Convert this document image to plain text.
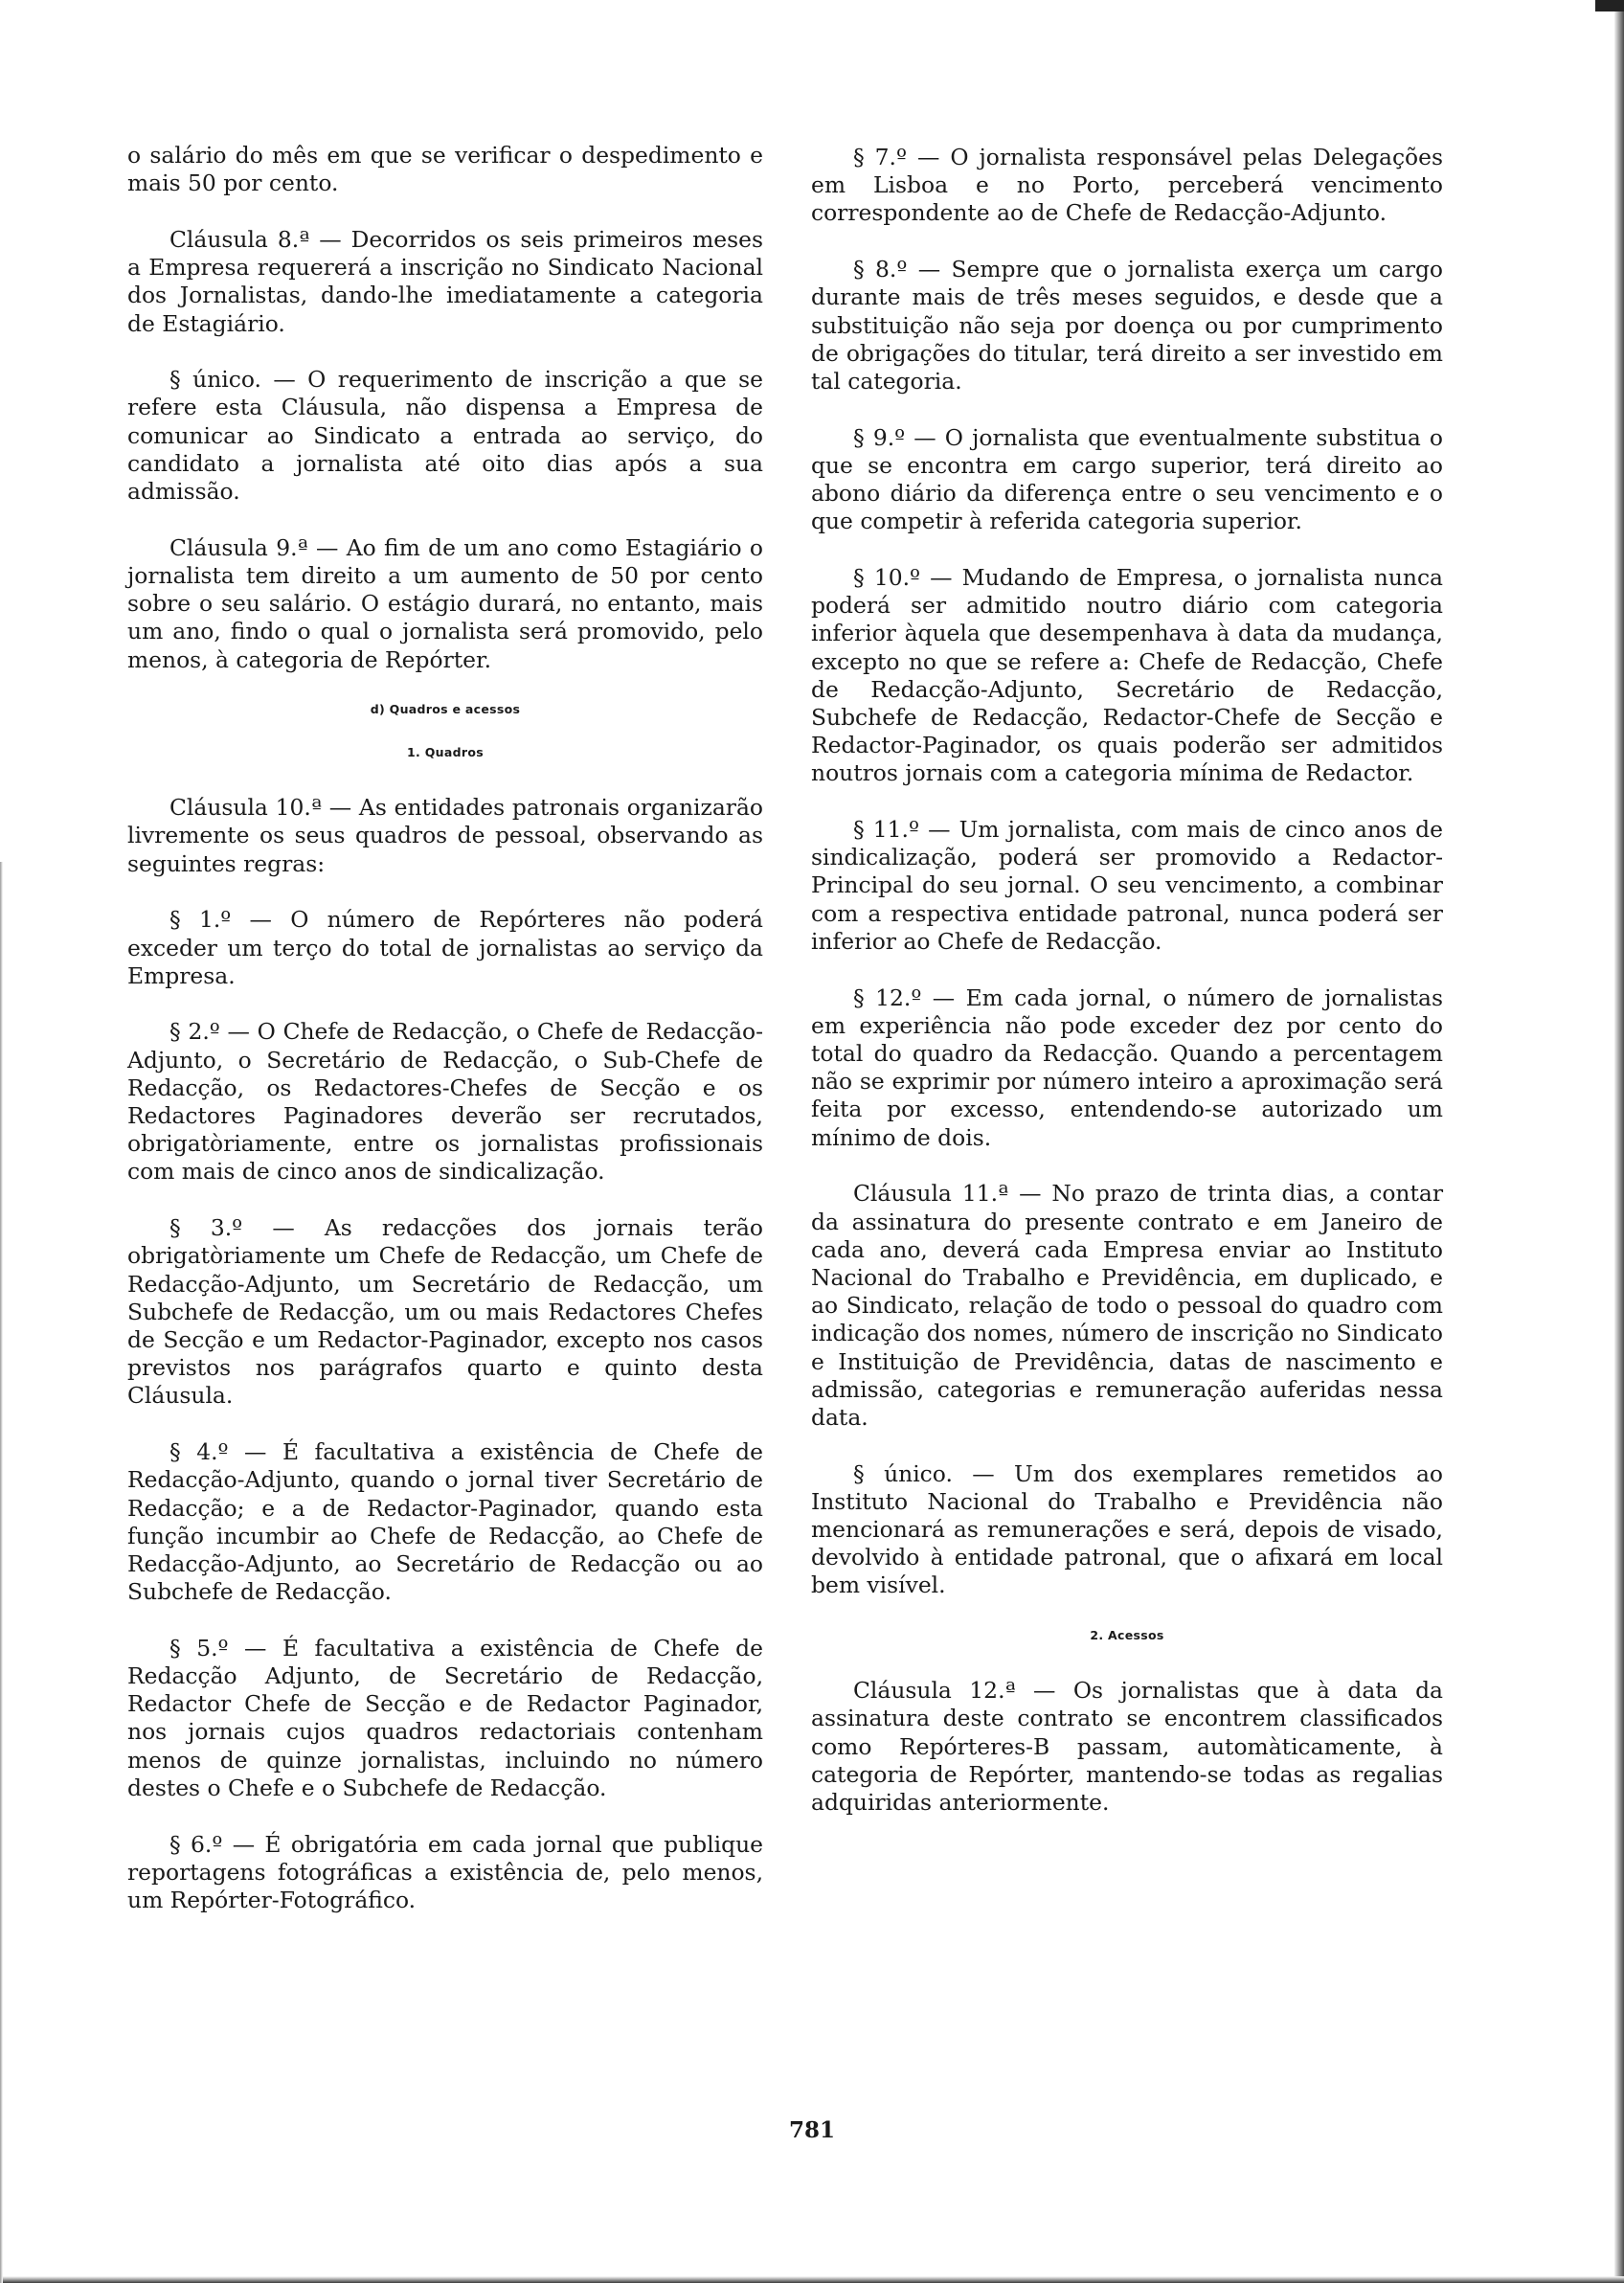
o salário do mês em que se verificar o despedimento e mais 50 por cento.

Cláusula 8.ª — Decorridos os seis primeiros meses a Empresa requererá a inscrição no Sindicato Nacional dos Jornalistas, dando-lhe imediatamente a categoria de Estagiário.

§ único. — O requerimento de inscrição a que se refere esta Cláusula, não dispensa a Empresa de comunicar ao Sindicato a entrada ao serviço, do candidato a jornalista até oito dias após a sua admissão.

Cláusula 9.ª — Ao fim de um ano como Estagiário o jornalista tem direito a um aumento de 50 por cento sobre o seu salário. O estágio durará, no entanto, mais um ano, findo o qual o jornalista será promovido, pelo menos, à categoria de Repórter.

d) Quadros e acessos
1. Quadros

Cláusula 10.ª — As entidades patronais organizarão livremente os seus quadros de pessoal, observando as seguintes regras:

§ 1.º — O número de Repórteres não poderá exceder um terço do total de jornalistas ao serviço da Empresa.

§ 2.º — O Chefe de Redacção, o Chefe de Redacção-Adjunto, o Secretário de Redacção, o Sub-Chefe de Redacção, os Redactores-Chefes de Secção e os Redactores Paginadores deverão ser recrutados, obrigatòriamente, entre os jornalistas profissionais com mais de cinco anos de sindicalização.

§ 3.º — As redacções dos jornais terão obrigatòriamente um Chefe de Redacção, um Chefe de Redacção-Adjunto, um Secretário de Redacção, um Subchefe de Redacção, um ou mais Redactores Chefes de Secção e um Redactor-Paginador, excepto nos casos previstos nos parágrafos quarto e quinto desta Cláusula.

§ 4.º — É facultativa a existência de Chefe de Redacção-Adjunto, quando o jornal tiver Secretário de Redacção; e a de Redactor-Paginador, quando esta função incumbir ao Chefe de Redacção, ao Chefe de Redacção-Adjunto, ao Secretário de Redacção ou ao Subchefe de Redacção.

§ 5.º — É facultativa a existência de Chefe de Redacção Adjunto, de Secretário de Redacção, Redactor Chefe de Secção e de Redactor Paginador, nos jornais cujos quadros redactoriais contenham menos de quinze jornalistas, incluindo no número destes o Chefe e o Subchefe de Redacção.

§ 6.º — É obrigatória em cada jornal que publique reportagens fotográficas a existência de, pelo menos, um Repórter-Fotográfico.

§ 7.º — O jornalista responsável pelas Delegações em Lisboa e no Porto, perceberá vencimento correspondente ao de Chefe de Redacção-Adjunto.

§ 8.º — Sempre que o jornalista exerça um cargo durante mais de três meses seguidos, e desde que a substituição não seja por doença ou por cumprimento de obrigações do titular, terá direito a ser investido em tal categoria.

§ 9.º — O jornalista que eventualmente substitua o que se encontra em cargo superior, terá direito ao abono diário da diferença entre o seu vencimento e o que competir à referida categoria superior.

§ 10.º — Mudando de Empresa, o jornalista nunca poderá ser admitido noutro diário com categoria inferior àquela que desempenhava à data da mudança, excepto no que se refere a: Chefe de Redacção, Chefe de Redacção-Adjunto, Secretário de Redacção, Subchefe de Redacção, Redactor-Chefe de Secção e Redactor-Paginador, os quais poderão ser admitidos noutros jornais com a categoria mínima de Redactor.

§ 11.º — Um jornalista, com mais de cinco anos de sindicalização, poderá ser promovido a Redactor-Principal do seu jornal. O seu vencimento, a combinar com a respectiva entidade patronal, nunca poderá ser inferior ao Chefe de Redacção.

§ 12.º — Em cada jornal, o número de jornalistas em experiência não pode exceder dez por cento do total do quadro da Redacção. Quando a percentagem não se exprimir por número inteiro a aproximação será feita por excesso, entendendo-se autorizado um mínimo de dois.

Cláusula 11.ª — No prazo de trinta dias, a contar da assinatura do presente contrato e em Janeiro de cada ano, deverá cada Empresa enviar ao Instituto Nacional do Trabalho e Previdência, em duplicado, e ao Sindicato, relação de todo o pessoal do quadro com indicação dos nomes, número de inscrição no Sindicato e Instituição de Previdência, datas de nascimento e admissão, categorias e remuneração auferidas nessa data.

§ único. — Um dos exemplares remetidos ao Instituto Nacional do Trabalho e Previdência não mencionará as remunerações e será, depois de visado, devolvido à entidade patronal, que o afixará em local bem visível.

2. Acessos

Cláusula 12.ª — Os jornalistas que à data da assinatura deste contrato se encontrem classificados como Repórteres-B passam, automàticamente, à categoria de Repórter, mantendo-se todas as regalias adquiridas anteriormente.

781
